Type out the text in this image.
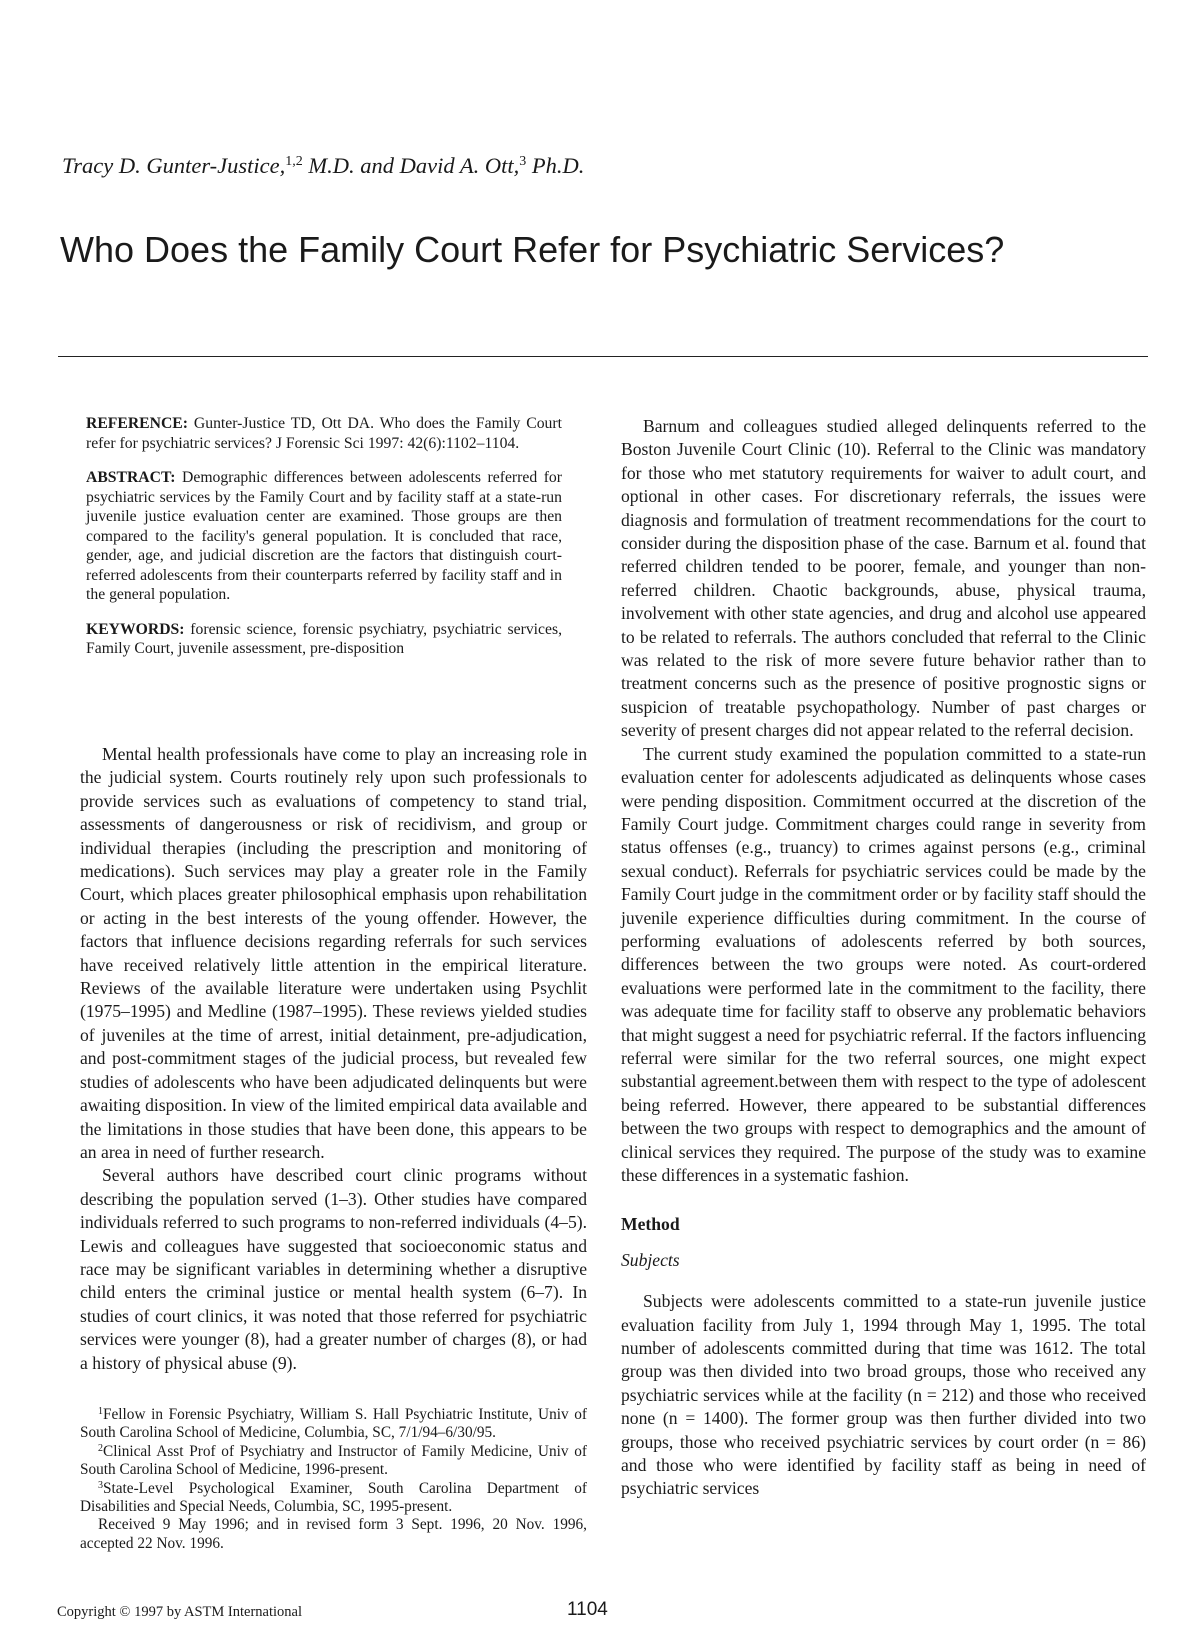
Tracy D. Gunter-Justice,$^{1,2}$ M.D. and David A. Ott,$^3$ Ph.D.
Who Does the Family Court Refer for Psychiatric Services?

REFERENCE: Gunter-Justice TD, Ott DA. Who does the Family Court refer for psychiatric services? J Forensic Sci 1997: 42(6):1102–1104.

ABSTRACT: Demographic differences between adolescents referred for psychiatric services by the Family Court and by facility staff at a state-run juvenile justice evaluation center are examined. Those groups are then compared to the facility's general population. It is concluded that race, gender, age, and judicial discretion are the factors that distinguish court-referred adolescents from their counterparts referred by facility staff and in the general population.

KEYWORDS: forensic science, forensic psychiatry, psychiatric services, Family Court, juvenile assessment, pre-disposition

Mental health professionals have come to play an increasing role in the judicial system. Courts routinely rely upon such professionals to provide services such as evaluations of competency to stand trial, assessments of dangerousness or risk of recidivism, and group or individual therapies (including the prescription and monitoring of medications). Such services may play a greater role in the Family Court, which places greater philosophical emphasis upon rehabilitation or acting in the best interests of the young offender. However, the factors that influence decisions regarding referrals for such services have received relatively little attention in the empirical literature. Reviews of the available literature were undertaken using Psychlit (1975–1995) and Medline (1987–1995). These reviews yielded studies of juveniles at the time of arrest, initial detainment, pre-adjudication, and post-commitment stages of the judicial process, but revealed few studies of adolescents who have been adjudicated delinquents but were awaiting disposition. In view of the limited empirical data available and the limitations in those studies that have been done, this appears to be an area in need of further research.

Several authors have described court clinic programs without describing the population served (1–3). Other studies have compared individuals referred to such programs to non-referred individuals (4–5). Lewis and colleagues have suggested that socioeconomic status and race may be significant variables in determining whether a disruptive child enters the criminal justice or mental health system (6–7). In studies of court clinics, it was noted that those referred for psychiatric services were younger (8), had a greater number of charges (8), or had a history of physical abuse (9).

$^1$Fellow in Forensic Psychiatry, William S. Hall Psychiatric Institute, Univ of South Carolina School of Medicine, Columbia, SC, 7/1/94–6/30/95.

$^2$Clinical Asst Prof of Psychiatry and Instructor of Family Medicine, Univ of South Carolina School of Medicine, 1996-present.

$^3$State-Level Psychological Examiner, South Carolina Department of Disabilities and Special Needs, Columbia, SC, 1995-present.

Received 9 May 1996; and in revised form 3 Sept. 1996, 20 Nov. 1996, accepted 22 Nov. 1996.

Barnum and colleagues studied alleged delinquents referred to the Boston Juvenile Court Clinic (10). Referral to the Clinic was mandatory for those who met statutory requirements for waiver to adult court, and optional in other cases. For discretionary referrals, the issues were diagnosis and formulation of treatment recommendations for the court to consider during the disposition phase of the case. Barnum et al. found that referred children tended to be poorer, female, and younger than non-referred children. Chaotic backgrounds, abuse, physical trauma, involvement with other state agencies, and drug and alcohol use appeared to be related to referrals. The authors concluded that referral to the Clinic was related to the risk of more severe future behavior rather than to treatment concerns such as the presence of positive prognostic signs or suspicion of treatable psychopathology. Number of past charges or severity of present charges did not appear related to the referral decision.

The current study examined the population committed to a state-run evaluation center for adolescents adjudicated as delinquents whose cases were pending disposition. Commitment occurred at the discretion of the Family Court judge. Commitment charges could range in severity from status offenses (e.g., truancy) to crimes against persons (e.g., criminal sexual conduct). Referrals for psychiatric services could be made by the Family Court judge in the commitment order or by facility staff should the juvenile experience difficulties during commitment. In the course of performing evaluations of adolescents referred by both sources, differences between the two groups were noted. As court-ordered evaluations were performed late in the commitment to the facility, there was adequate time for facility staff to observe any problematic behaviors that might suggest a need for psychiatric referral. If the factors influencing referral were similar for the two referral sources, one might expect substantial agreement.between them with respect to the type of adolescent being referred. However, there appeared to be substantial differences between the two groups with respect to demographics and the amount of clinical services they required. The purpose of the study was to examine these differences in a systematic fashion.

Method
Subjects

Subjects were adolescents committed to a state-run juvenile justice evaluation facility from July 1, 1994 through May 1, 1995. The total number of adolescents committed during that time was 1612. The total group was then divided into two broad groups, those who received any psychiatric services while at the facility (n = 212) and those who received none (n = 1400). The former group was then further divided into two groups, those who received psychiatric services by court order (n = 86) and those who were identified by facility staff as being in need of psychiatric services

Copyright © 1997 by ASTM International	1104
